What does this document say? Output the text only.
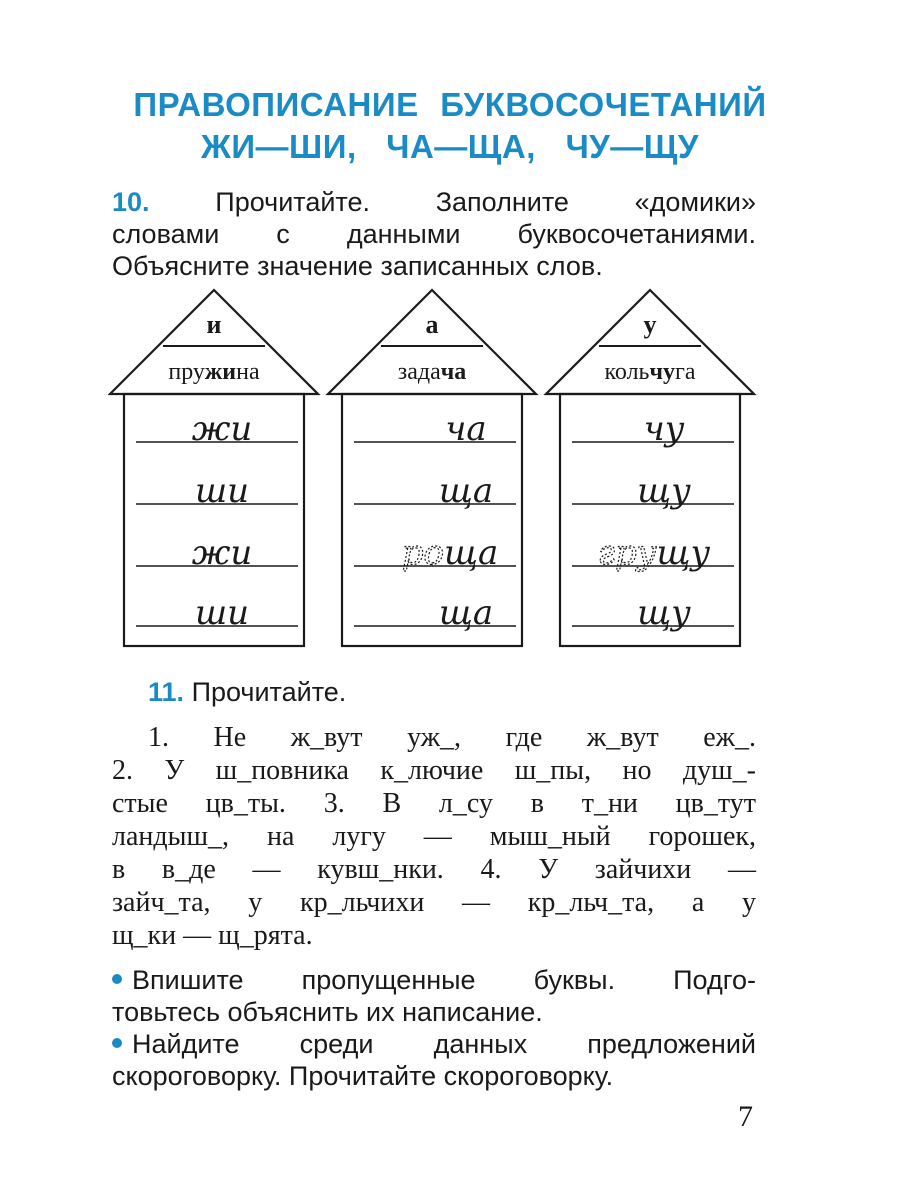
ПРАВОПИСАНИЕ БУКВОСОЧЕТАНИЙ
ЖИ—ШИ, ЧА—ЩА, ЧУ—ЩУ
10. Прочитайте. Заполните «домики»
словами с данными буквосочетаниями.
Объясните значение записанных слов.
и
пружина
жи
ши
жи
ши
а
задача
ча
ща
роща
ща
у
кольчуга
чу
щу
грущу
щу
11. Прочитайте.
1. Не ж_вут уж_, где ж_вут еж_.
2. У ш_повника к_лючие ш_пы, но душ_-
стые цв_ты. 3. В л_су в т_ни цв_тут
ландыш_, на лугу — мыш_ный горошек,
в в_де — кувш_нки. 4. У зайчихи —
зайч_та, у кр_льчихи — кр_льч_та, а у
щ_ки — щ_рята.
Впишите пропущенные буквы. Подго-
товьтесь объяснить их написание.
Найдите среди данных предложений
скороговорку. Прочитайте скороговорку.
7
